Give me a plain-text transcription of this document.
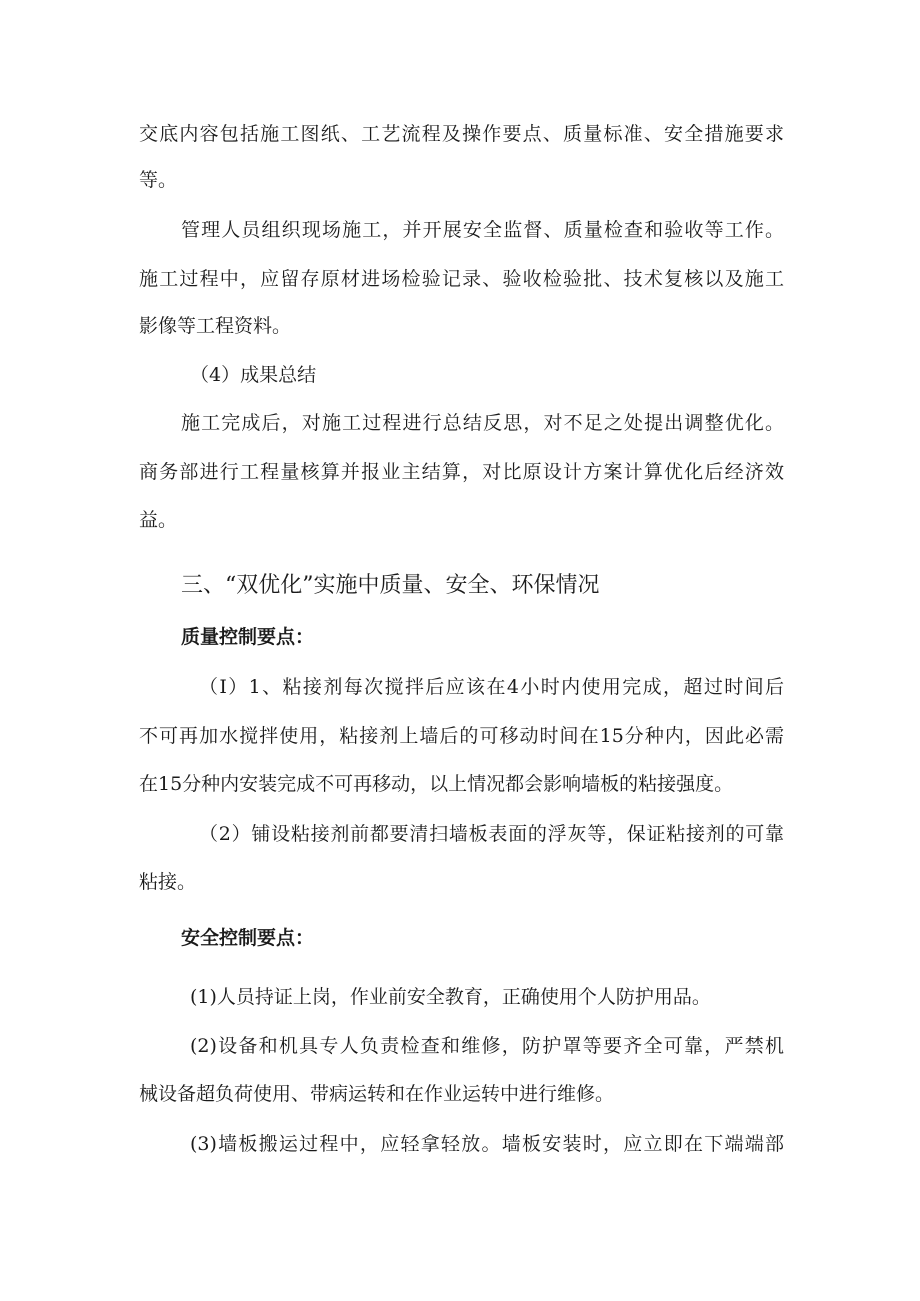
交底内容包括施工图纸、工艺流程及操作要点、质量标准、安全措施要求
等。
管理人员组织现场施工，并开展安全监督、质量检查和验收等工作。
施工过程中，应留存原材进场检验记录、验收检验批、技术复核以及施工
影像等工程资料。
（4）成果总结
施工完成后，对施工过程进行总结反思，对不足之处提出调整优化。
商务部进行工程量核算并报业主结算，对比原设计方案计算优化后经济效
益。
三、“双优化”实施中质量、安全、环保情况
质量控制要点：
（I）1、粘接剂每次搅拌后应该在4小时内使用完成，超过时间后
不可再加水搅拌使用，粘接剂上墙后的可移动时间在15分种内，因此必需
在15分种内安装完成不可再移动，以上情况都会影响墙板的粘接强度。
（2）铺设粘接剂前都要清扫墙板表面的浮灰等，保证粘接剂的可靠
粘接。
安全控制要点：
(1)人员持证上岗，作业前安全教育，正确使用个人防护用品。
(2)设备和机具专人负责检查和维修，防护罩等要齐全可靠，严禁机
械设备超负荷使用、带病运转和在作业运转中进行维修。
(3)墙板搬运过程中，应轻拿轻放。墙板安装时，应立即在下端端部
